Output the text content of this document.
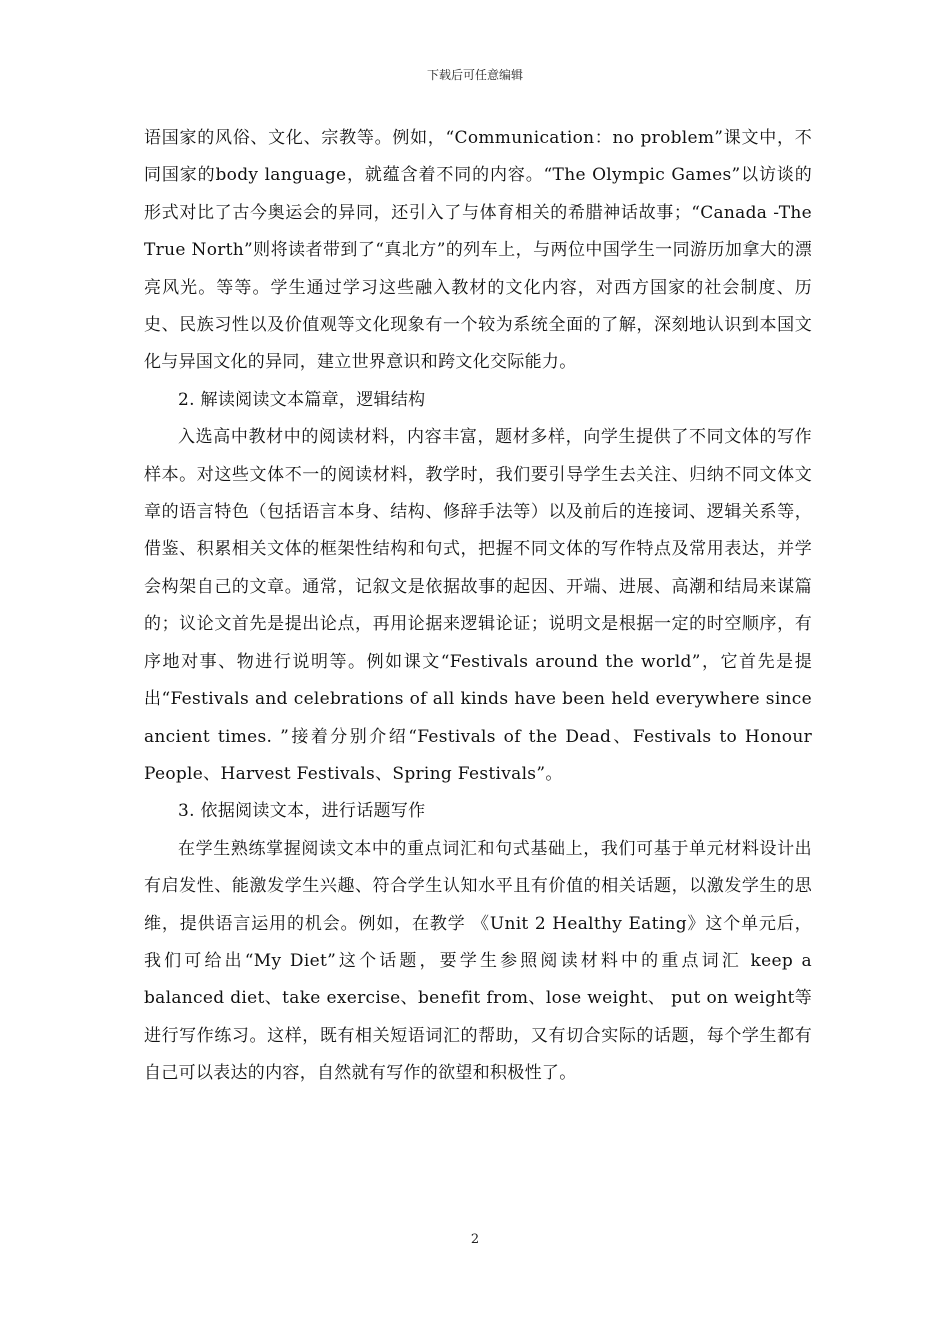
下载后可任意编辑

语国家的风俗、文化、宗教等。例如，“Communication：no problem”课文中，不同国家的body language，就蕴含着不同的内容。“The Olympic Games”以访谈的形式对比了古今奥运会的异同，还引入了与体育相关的希腊神话故事；“Canada -The True North”则将读者带到了“真北方”的列车上，与两位中国学生一同游历加拿大的漂亮风光。等等。学生通过学习这些融入教材的文化内容，对西方国家的社会制度、历史、民族习性以及价值观等文化现象有一个较为系统全面的了解，深刻地认识到本国文化与异国文化的异同，建立世界意识和跨文化交际能力。

2. 解读阅读文本篇章，逻辑结构

入选高中教材中的阅读材料，内容丰富，题材多样，向学生提供了不同文体的写作样本。对这些文体不一的阅读材料，教学时，我们要引导学生去关注、归纳不同文体文章的语言特色（包括语言本身、结构、修辞手法等）以及前后的连接词、逻辑关系等，借鉴、积累相关文体的框架性结构和句式，把握不同文体的写作特点及常用表达，并学会构架自己的文章。通常，记叙文是依据故事的起因、开端、进展、高潮和结局来谋篇的；议论文首先是提出论点，再用论据来逻辑论证；说明文是根据一定的时空顺序，有序地对事、物进行说明等。例如课文“Festivals around the world”，它首先是提出“Festivals and celebrations of all kinds have been held everywhere since ancient times. ”接着分别介绍“Festivals of the Dead、Festivals to Honour People、Harvest Festivals、Spring Festivals”。

3. 依据阅读文本，进行话题写作

在学生熟练掌握阅读文本中的重点词汇和句式基础上，我们可基于单元材料设计出有启发性、能激发学生兴趣、符合学生认知水平且有价值的相关话题，以激发学生的思维，提供语言运用的机会。例如，在教学 《Unit 2 Healthy Eating》这个单元后，我们可给出“My Diet”这个话题，要学生参照阅读材料中的重点词汇 keep a balanced diet、take exercise、benefit from、lose weight、 put on weight等进行写作练习。这样，既有相关短语词汇的帮助，又有切合实际的话题，每个学生都有自己可以表达的内容，自然就有写作的欲望和积极性了。

2
